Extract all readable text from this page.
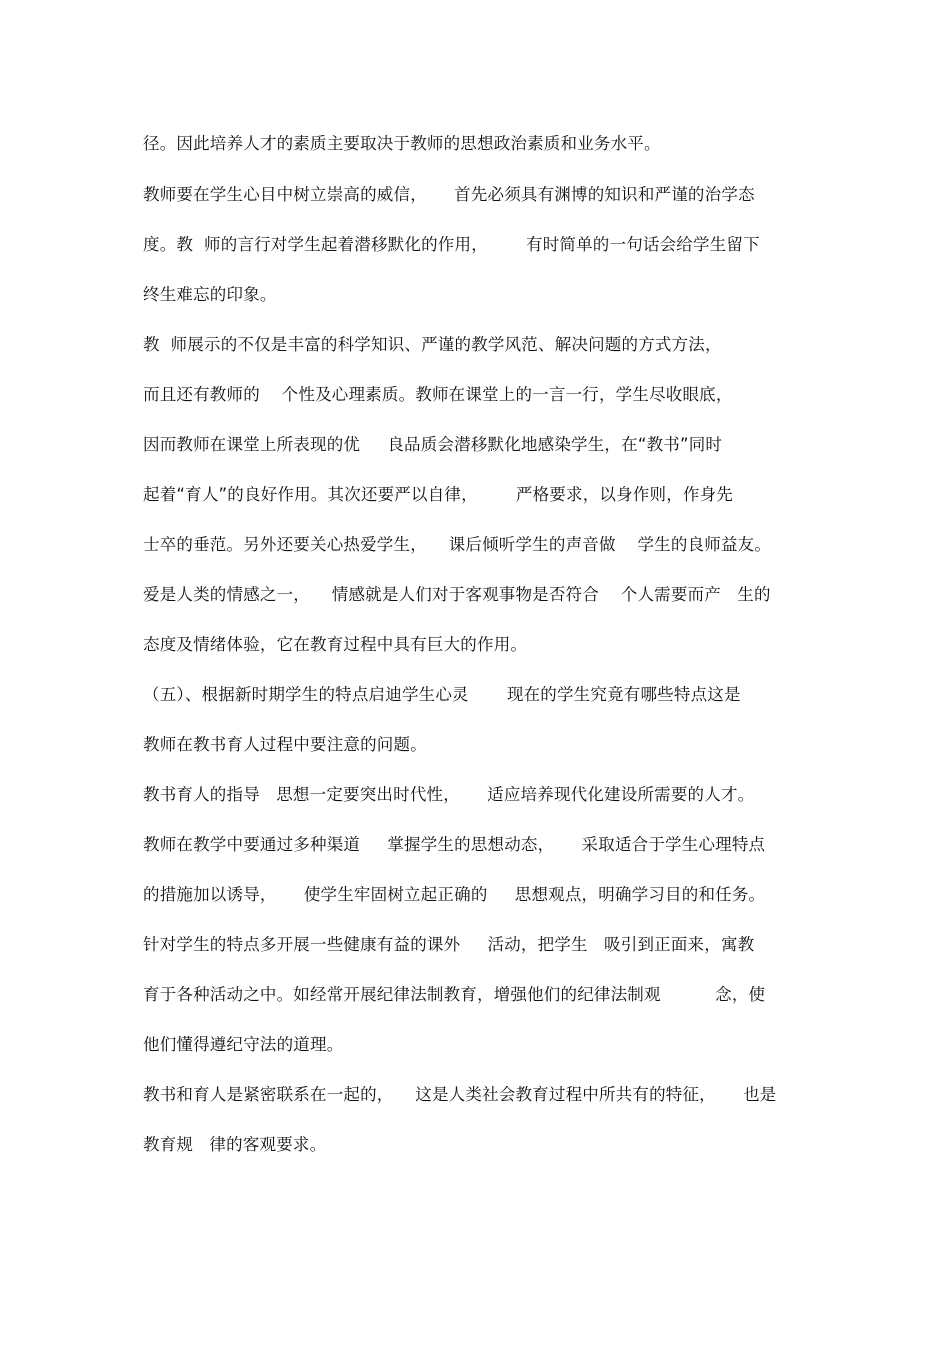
径。因此培养人才的素质主要取决于教师的思想政治素质和业务水平。
教师要在学生心目中树立崇高的威信，     首先必须具有渊博的知识和严谨的治学态
度。教  师的言行对学生起着潜移默化的作用，       有时简单的一句话会给学生留下
终生难忘的印象。
教  师展示的不仅是丰富的科学知识、严谨的教学风范、解决问题的方式方法，
而且还有教师的    个性及心理素质。教师在课堂上的一言一行，学生尽收眼底，
因而教师在课堂上所表现的优     良品质会潜移默化地感染学生，在“教书”同时
起着“育人”的良好作用。其次还要严以自律，       严格要求，以身作则，作身先
士卒的垂范。另外还要关心热爱学生，    课后倾听学生的声音做    学生的良师益友。
爱是人类的情感之一，    情感就是人们对于客观事物是否符合    个人需要而产   生的
态度及情绪体验，它在教育过程中具有巨大的作用。
（五）、根据新时期学生的特点启迪学生心灵       现在的学生究竟有哪些特点这是
教师在教书育人过程中要注意的问题。
教书育人的指导   思想一定要突出时代性，     适应培养现代化建设所需要的人才。
教师在教学中要通过多种渠道     掌握学生的思想动态，     采取适合于学生心理特点
的措施加以诱导，     使学生牢固树立起正确的     思想观点，明确学习目的和任务。
针对学生的特点多开展一些健康有益的课外     活动，把学生   吸引到正面来，寓教
育于各种活动之中。如经常开展纪律法制教育，增强他们的纪律法制观          念，使
他们懂得遵纪守法的道理。
教书和育人是紧密联系在一起的，    这是人类社会教育过程中所共有的特征，     也是
教育规   律的客观要求。
